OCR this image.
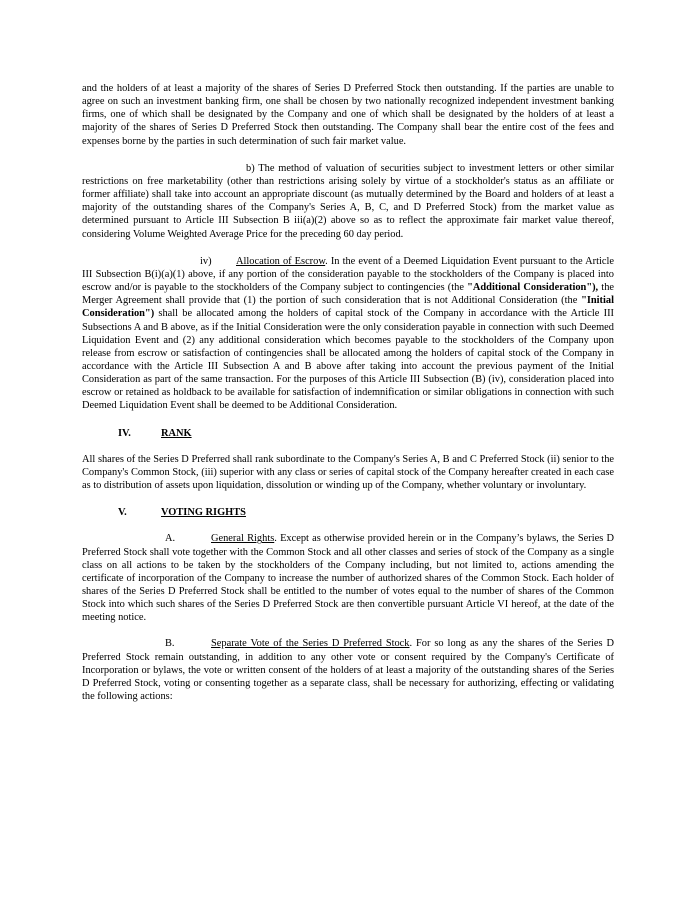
and the holders of at least a majority of the shares of Series D Preferred Stock then outstanding. If the parties are unable to agree on such an investment banking firm, one shall be chosen by two nationally recognized independent investment banking firms, one of which shall be designated by the Company and one of which shall be designated by the holders of at least a majority of the shares of Series D Preferred Stock then outstanding. The Company shall bear the entire cost of the fees and expenses borne by the parties in such determination of such fair market value.

b) The method of valuation of securities subject to investment letters or other similar restrictions on free marketability (other than restrictions arising solely by virtue of a stockholder's status as an affiliate or former affiliate) shall take into account an appropriate discount (as mutually determined by the Board and holders of at least a majority of the outstanding shares of the Company's Series A, B, C, and D Preferred Stock) from the market value as determined pursuant to Article III Subsection B iii(a)(2) above so as to reflect the approximate fair market value thereof, considering Volume Weighted Average Price for the preceding 60 day period.

iv) Allocation of Escrow. In the event of a Deemed Liquidation Event pursuant to the Article III Subsection B(i)(a)(1) above, if any portion of the consideration payable to the stockholders of the Company is placed into escrow and/or is payable to the stockholders of the Company subject to contingencies (the "Additional Consideration"), the Merger Agreement shall provide that (1) the portion of such consideration that is not Additional Consideration (the "Initial Consideration") shall be allocated among the holders of capital stock of the Company in accordance with the Article III Subsections A and B above, as if the Initial Consideration were the only consideration payable in connection with such Deemed Liquidation Event and (2) any additional consideration which becomes payable to the stockholders of the Company upon release from escrow or satisfaction of contingencies shall be allocated among the holders of capital stock of the Company in accordance with the Article III Subsection A and B above after taking into account the previous payment of the Initial Consideration as part of the same transaction. For the purposes of this Article III Subsection (B) (iv), consideration placed into escrow or retained as holdback to be available for satisfaction of indemnification or similar obligations in connection with such Deemed Liquidation Event shall be deemed to be Additional Consideration.

IV.	RANK

All shares of the Series D Preferred shall rank subordinate to the Company's Series A, B and C Preferred Stock (ii) senior to the Company's Common Stock, (iii) superior with any class or series of capital stock of the Company hereafter created in each case as to distribution of assets upon liquidation, dissolution or winding up of the Company, whether voluntary or involuntary.

V.	VOTING RIGHTS

A.	General Rights. Except as otherwise provided herein or in the Company’s bylaws, the Series D Preferred Stock shall vote together with the Common Stock and all other classes and series of stock of the Company as a single class on all actions to be taken by the stockholders of the Company including, but not limited to, actions amending the certificate of incorporation of the Company to increase the number of authorized shares of the Common Stock. Each holder of shares of the Series D Preferred Stock shall be entitled to the number of votes equal to the number of shares of the Common Stock into which such shares of the Series D Preferred Stock are then convertible pursuant Article VI hereof, at the date of the meeting notice.

B.	Separate Vote of the Series D Preferred Stock. For so long as any the shares of the Series D Preferred Stock remain outstanding, in addition to any other vote or consent required by the Company's Certificate of Incorporation or bylaws, the vote or written consent of the holders of at least a majority of the outstanding shares of the Series D Preferred Stock, voting or consenting together as a separate class, shall be necessary for authorizing, effecting or validating the following actions:
